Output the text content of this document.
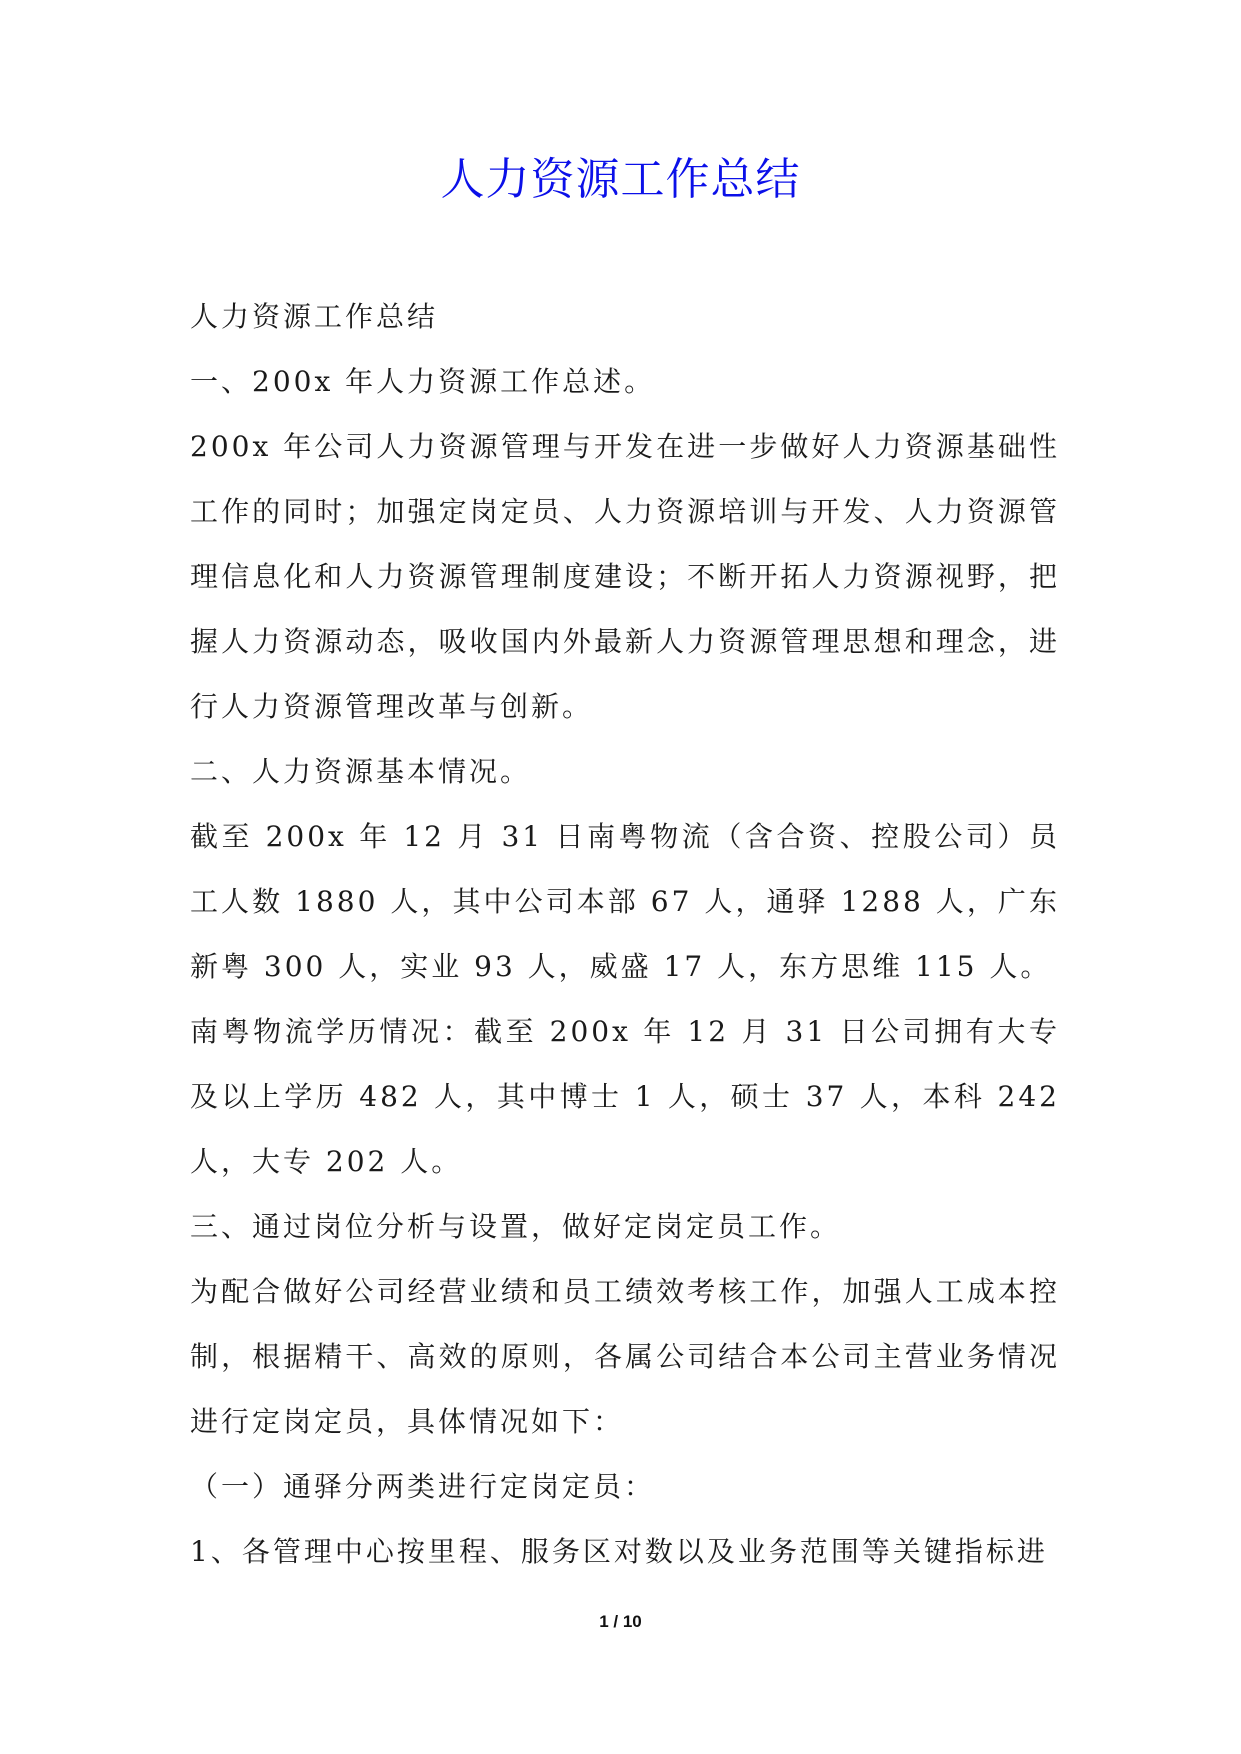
人力资源工作总结

人力资源工作总结

一、200x 年人力资源工作总述。

200x 年公司人力资源管理与开发在进一步做好人力资源基础性工作的同时；加强定岗定员、人力资源培训与开发、人力资源管理信息化和人力资源管理制度建设；不断开拓人力资源视野，把握人力资源动态，吸收国内外最新人力资源管理思想和理念，进行人力资源管理改革与创新。

二、人力资源基本情况。

截至 200x 年 12 月 31 日南粤物流（含合资、控股公司）员工人数 1880 人，其中公司本部 67 人，通驿 1288 人，广东新粤 300 人，实业 93 人，威盛 17 人，东方思维 115 人。

南粤物流学历情况：截至 200x 年 12 月 31 日公司拥有大专及以上学历 482 人，其中博士 1 人，硕士 37 人，本科 242 人，大专 202 人。

三、通过岗位分析与设置，做好定岗定员工作。

为配合做好公司经营业绩和员工绩效考核工作，加强人工成本控制，根据精干、高效的原则，各属公司结合本公司主营业务情况进行定岗定员，具体情况如下：

（一）通驿分两类进行定岗定员：

1、各管理中心按里程、服务区对数以及业务范围等关键指标进

1 / 10
